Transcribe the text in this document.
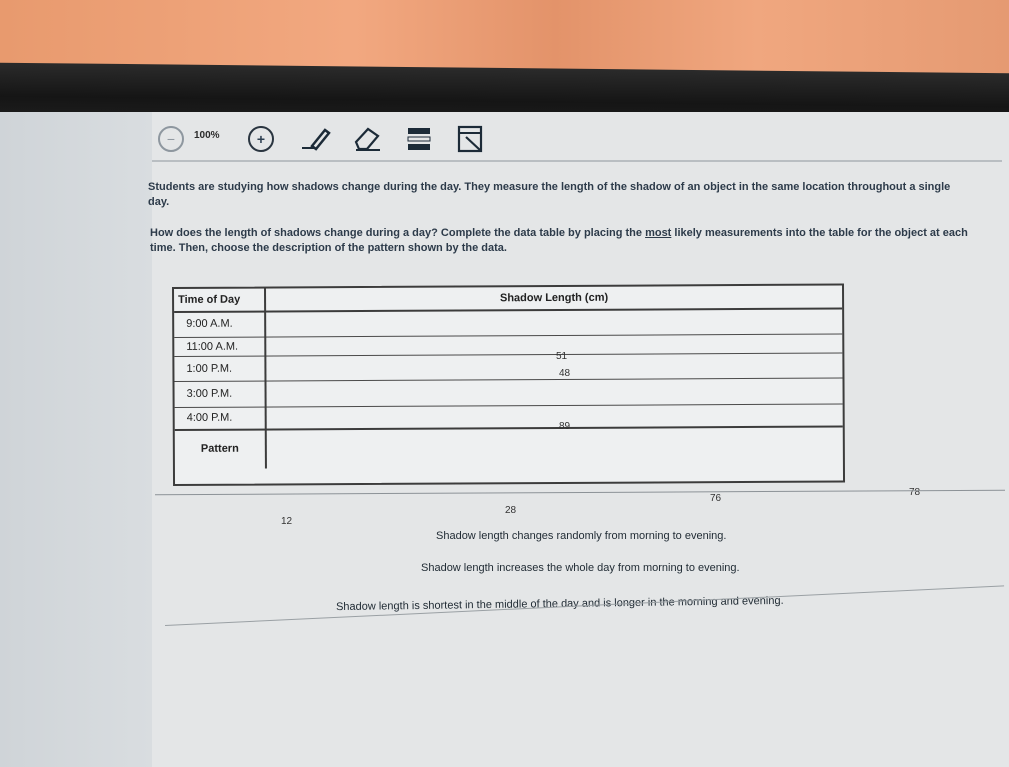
−	100%	+
Students are studying how shadows change during the day. They measure the length of the shadow of an object in the same location throughout a single day.
How does the length of shadows change during a day? Complete the data table by placing the most likely measurements into the table for the object at each time. Then, choose the description of the pattern shown by the data.
Time of Day	Shadow Length (cm)
9:00 A.M.
11:00 A.M.
1:00 P.M.
3:00 P.M.
4:00 P.M.
Pattern
51
48
89
76
78
28
12
Shadow length changes randomly from morning to evening.
Shadow length increases the whole day from morning to evening.
Shadow length is shortest in the middle of the day and is longer in the morning and evening.
